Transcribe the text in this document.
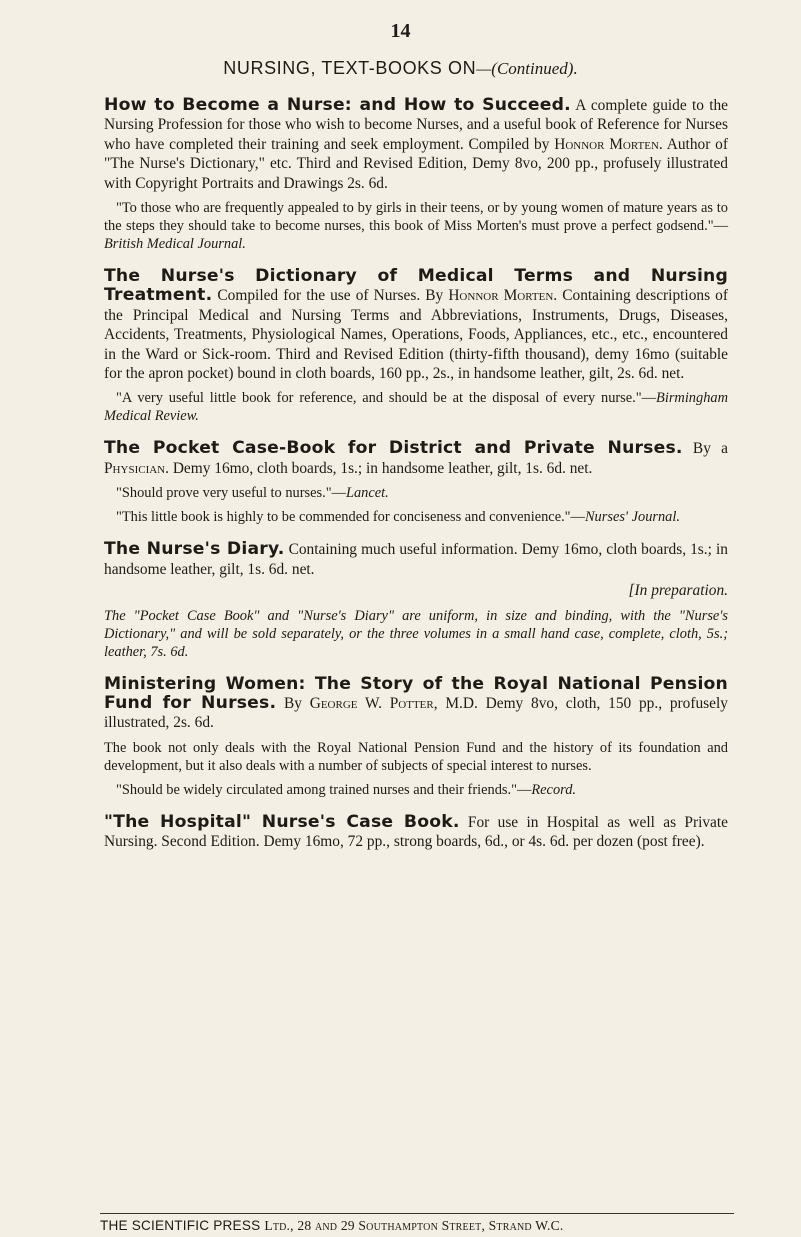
14
NURSING, TEXT-BOOKS ON—(Continued).
How to Become a Nurse: and How to Succeed. A complete guide to the Nursing Profession for those who wish to become Nurses, and a useful book of Reference for Nurses who have completed their training and seek employment. Compiled by Honnor Morten. Author of "The Nurse's Dictionary," etc. Third and Revised Edition, Demy 8vo, 200 pp., profusely illustrated with Copyright Portraits and Drawings 2s. 6d.
"To those who are frequently appealed to by girls in their teens, or by young women of mature years as to the steps they should take to become nurses, this book of Miss Morten's must prove a perfect godsend."—British Medical Journal.
The Nurse's Dictionary of Medical Terms and Nursing Treatment. Compiled for the use of Nurses. By Honnor Morten. Containing descriptions of the Principal Medical and Nursing Terms and Abbreviations, Instruments, Drugs, Diseases, Accidents, Treatments, Physiological Names, Operations, Foods, Appliances, etc., etc., encountered in the Ward or Sick-room. Third and Revised Edition (thirty-fifth thousand), demy 16mo (suitable for the apron pocket) bound in cloth boards, 160 pp., 2s., in handsome leather, gilt, 2s. 6d. net.
"A very useful little book for reference, and should be at the disposal of every nurse."—Birmingham Medical Review.
The Pocket Case-Book for District and Private Nurses. By a Physician. Demy 16mo, cloth boards, 1s.; in handsome leather, gilt, 1s. 6d. net.
"Should prove very useful to nurses."—Lancet.
"This little book is highly to be commended for conciseness and convenience."—Nurses' Journal.
The Nurse's Diary. Containing much useful information. Demy 16mo, cloth boards, 1s.; in handsome leather, gilt, 1s. 6d. net.
[In preparation.
The "Pocket Case Book" and "Nurse's Diary" are uniform, in size and binding, with the "Nurse's Dictionary," and will be sold separately, or the three volumes in a small hand case, complete, cloth, 5s.; leather, 7s. 6d.
Ministering Women: The Story of the Royal National Pension Fund for Nurses. By George W. Potter, M.D. Demy 8vo, cloth, 150 pp., profusely illustrated, 2s. 6d.
The book not only deals with the Royal National Pension Fund and the history of its foundation and development, but it also deals with a number of subjects of special interest to nurses.
"Should be widely circulated among trained nurses and their friends."—Record.
"The Hospital" Nurse's Case Book. For use in Hospital as well as Private Nursing. Second Edition. Demy 16mo, 72 pp., strong boards, 6d., or 4s. 6d. per dozen (post free).
THE SCIENTIFIC PRESS Ltd., 28 and 29 Southampton Street, Strand W.C.
